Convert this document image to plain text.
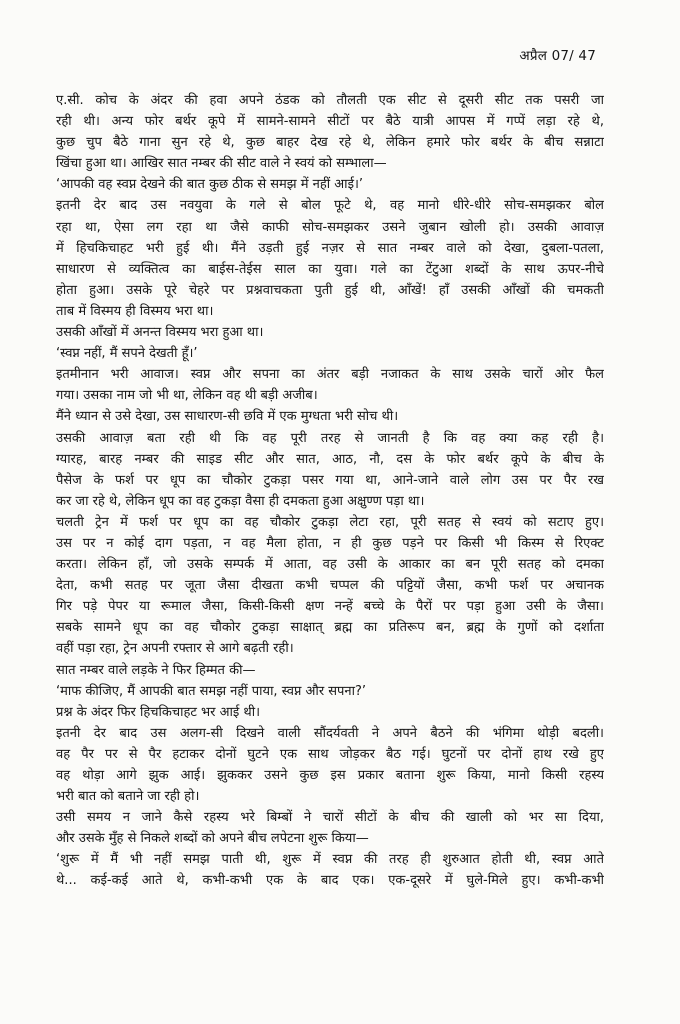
अप्रैल 07/ 47
ए.सी. कोच के अंदर की हवा अपने ठंडक को तौलती एक सीट से दूसरी सीट तक पसरी जा
रही थी। अन्य फोर बर्थर कूपे में सामने-सामने सीटों पर बैठे यात्री आपस में गप्पें लड़ा रहे थे,
कुछ चुप बैठे गाना सुन रहे थे, कुछ बाहर देख रहे थे, लेकिन हमारे फोर बर्थर के बीच सन्नाटा
खिंचा हुआ था। आखिर सात नम्बर की सीट वाले ने स्वयं को सम्भाला—
‘आपकी वह स्वप्न देखने की बात कुछ ठीक से समझ में नहीं आई।’
इतनी देर बाद उस नवयुवा के गले से बोल फूटे थे, वह मानो धीरे-धीरे सोच-समझकर बोल
रहा था, ऐसा लग रहा था जैसे काफी सोच-समझकर उसने जुबान खोली हो। उसकी आवाज़
में हिचकिचाहट भरी हुई थी। मैंने उड़ती हुई नज़र से सात नम्बर वाले को देखा, दुबला-पतला,
साधारण से व्यक्तित्व का बाईस-तेईस साल का युवा। गले का टेंटुआ शब्दों के साथ ऊपर-नीचे
होता हुआ। उसके पूरे चेहरे पर प्रश्नवाचकता पुती हुई थी, आँखें! हाँ उसकी आँखों की चमकती
ताब में विस्मय ही विस्मय भरा था।
उसकी आँखों में अनन्त विस्मय भरा हुआ था।
‘स्वप्न नहीं, मैं सपने देखती हूँ।’
इतमीनान भरी आवाज। स्वप्न और सपना का अंतर बड़ी नजाकत के साथ उसके चारों ओर फैल
गया। उसका नाम जो भी था, लेकिन वह थी बड़ी अजीब।
मैंने ध्यान से उसे देखा, उस साधारण-सी छवि में एक मुग्धता भरी सोच थी।
उसकी आवाज़ बता रही थी कि वह पूरी तरह से जानती है कि वह क्या कह रही है।
ग्यारह, बारह नम्बर की साइड सीट और सात, आठ, नौ, दस के फोर बर्थर कूपे के बीच के
पैसेज के फर्श पर धूप का चौकोर टुकड़ा पसर गया था, आने-जाने वाले लोग उस पर पैर रख
कर जा रहे थे, लेकिन धूप का वह टुकड़ा वैसा ही दमकता हुआ अक्षुण्ण पड़ा था।
चलती ट्रेन में फर्श पर धूप का वह चौकोर टुकड़ा लेटा रहा, पूरी सतह से स्वयं को सटाए हुए।
उस पर न कोई दाग पड़ता, न वह मैला होता, न ही कुछ पड़ने पर किसी भी किस्म से रिएक्ट
करता। लेकिन हाँ, जो उसके सम्पर्क में आता, वह उसी के आकार का बन पूरी सतह को दमका
देता, कभी सतह पर जूता जैसा दीखता कभी चप्पल की पट्टियों जैसा, कभी फर्श पर अचानक
गिर पड़े पेपर या रूमाल जैसा, किसी-किसी क्षण नन्हें बच्चे के पैरों पर पड़ा हुआ उसी के जैसा।
सबके सामने धूप का वह चौकोर टुकड़ा साक्षात् ब्रह्म का प्रतिरूप बन, ब्रह्म के गुणों को दर्शाता
वहीं पड़ा रहा, ट्रेन अपनी रफ्तार से आगे बढ़ती रही।
सात नम्बर वाले लड़के ने फिर हिम्मत की—
‘माफ कीजिए, मैं आपकी बात समझ नहीं पाया, स्वप्न और सपना?’
प्रश्न के अंदर फिर हिचकिचाहट भर आई थी।
इतनी देर बाद उस अलग-सी दिखने वाली सौंदर्यवती ने अपने बैठने की भंगिमा थोड़ी बदली।
वह पैर पर से पैर हटाकर दोनों घुटने एक साथ जोड़कर बैठ गई। घुटनों पर दोनों हाथ रखे हुए
वह थोड़ा आगे झुक आई। झुककर उसने कुछ इस प्रकार बताना शुरू किया, मानो किसी रहस्य
भरी बात को बताने जा रही हो।
उसी समय न जाने कैसे रहस्य भरे बिम्बों ने चारों सीटों के बीच की खाली को भर सा दिया,
और उसके मुँह से निकले शब्दों को अपने बीच लपेटना शुरू किया—
‘शुरू में मैं भी नहीं समझ पाती थी, शुरू में स्वप्न की तरह ही शुरुआत होती थी, स्वप्न आते
थे... कई-कई आते थे, कभी-कभी एक के बाद एक। एक-दूसरे में घुले-मिले हुए। कभी-कभी
